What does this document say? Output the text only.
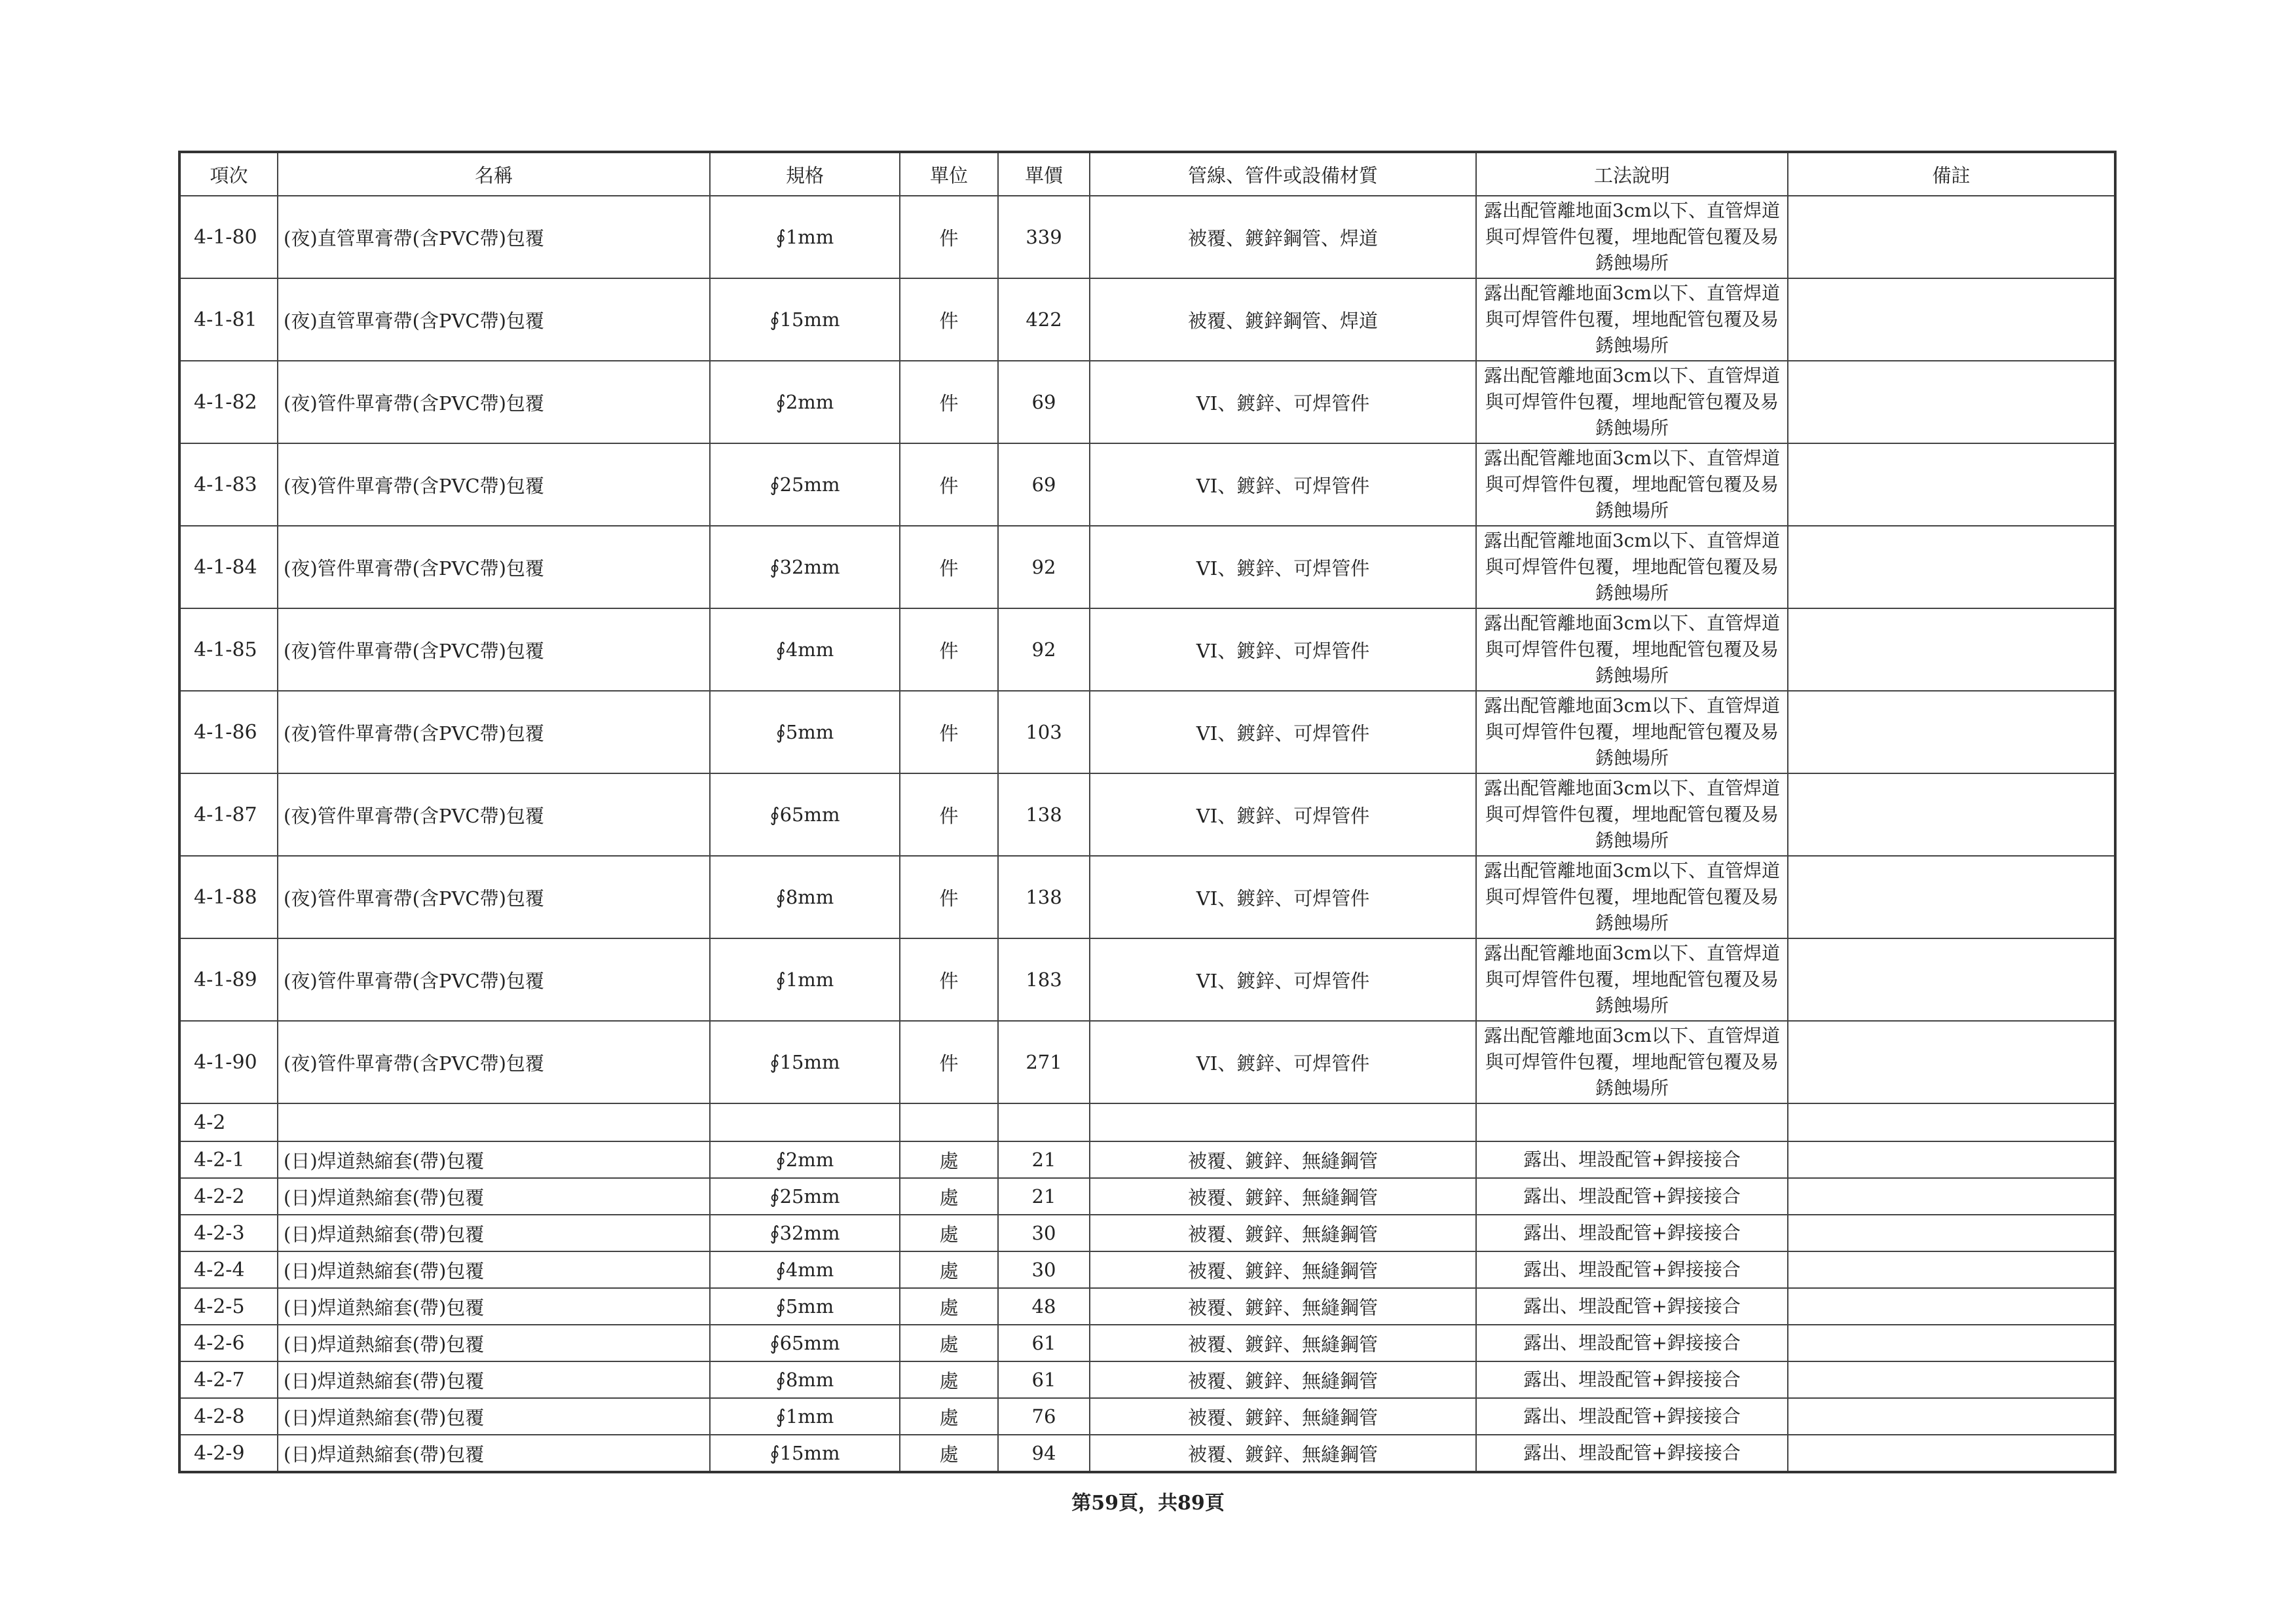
項次	名稱	規格	單位	單價	管線、管件或設備材質	工法說明	備註
4-1-80	(夜)直管單膏帶(含PVC帶)包覆	∮1mm	件	339	被覆、鍍鋅鋼管、焊道	露出配管離地面3cm以下、直管焊道與可焊管件包覆，埋地配管包覆及易銹蝕場所	
4-1-81	(夜)直管單膏帶(含PVC帶)包覆	∮15mm	件	422	被覆、鍍鋅鋼管、焊道	露出配管離地面3cm以下、直管焊道與可焊管件包覆，埋地配管包覆及易銹蝕場所	
4-1-82	(夜)管件單膏帶(含PVC帶)包覆	∮2mm	件	69	VI、鍍鋅、可焊管件	露出配管離地面3cm以下、直管焊道與可焊管件包覆，埋地配管包覆及易銹蝕場所	
4-1-83	(夜)管件單膏帶(含PVC帶)包覆	∮25mm	件	69	VI、鍍鋅、可焊管件	露出配管離地面3cm以下、直管焊道與可焊管件包覆，埋地配管包覆及易銹蝕場所	
4-1-84	(夜)管件單膏帶(含PVC帶)包覆	∮32mm	件	92	VI、鍍鋅、可焊管件	露出配管離地面3cm以下、直管焊道與可焊管件包覆，埋地配管包覆及易銹蝕場所	
4-1-85	(夜)管件單膏帶(含PVC帶)包覆	∮4mm	件	92	VI、鍍鋅、可焊管件	露出配管離地面3cm以下、直管焊道與可焊管件包覆，埋地配管包覆及易銹蝕場所	
4-1-86	(夜)管件單膏帶(含PVC帶)包覆	∮5mm	件	103	VI、鍍鋅、可焊管件	露出配管離地面3cm以下、直管焊道與可焊管件包覆，埋地配管包覆及易銹蝕場所	
4-1-87	(夜)管件單膏帶(含PVC帶)包覆	∮65mm	件	138	VI、鍍鋅、可焊管件	露出配管離地面3cm以下、直管焊道與可焊管件包覆，埋地配管包覆及易銹蝕場所	
4-1-88	(夜)管件單膏帶(含PVC帶)包覆	∮8mm	件	138	VI、鍍鋅、可焊管件	露出配管離地面3cm以下、直管焊道與可焊管件包覆，埋地配管包覆及易銹蝕場所	
4-1-89	(夜)管件單膏帶(含PVC帶)包覆	∮1mm	件	183	VI、鍍鋅、可焊管件	露出配管離地面3cm以下、直管焊道與可焊管件包覆，埋地配管包覆及易銹蝕場所	
4-1-90	(夜)管件單膏帶(含PVC帶)包覆	∮15mm	件	271	VI、鍍鋅、可焊管件	露出配管離地面3cm以下、直管焊道與可焊管件包覆，埋地配管包覆及易銹蝕場所	
4-2							
4-2-1	(日)焊道熱縮套(帶)包覆	∮2mm	處	21	被覆、鍍鋅、無縫鋼管	露出、埋設配管+銲接接合	
4-2-2	(日)焊道熱縮套(帶)包覆	∮25mm	處	21	被覆、鍍鋅、無縫鋼管	露出、埋設配管+銲接接合	
4-2-3	(日)焊道熱縮套(帶)包覆	∮32mm	處	30	被覆、鍍鋅、無縫鋼管	露出、埋設配管+銲接接合	
4-2-4	(日)焊道熱縮套(帶)包覆	∮4mm	處	30	被覆、鍍鋅、無縫鋼管	露出、埋設配管+銲接接合	
4-2-5	(日)焊道熱縮套(帶)包覆	∮5mm	處	48	被覆、鍍鋅、無縫鋼管	露出、埋設配管+銲接接合	
4-2-6	(日)焊道熱縮套(帶)包覆	∮65mm	處	61	被覆、鍍鋅、無縫鋼管	露出、埋設配管+銲接接合	
4-2-7	(日)焊道熱縮套(帶)包覆	∮8mm	處	61	被覆、鍍鋅、無縫鋼管	露出、埋設配管+銲接接合	
4-2-8	(日)焊道熱縮套(帶)包覆	∮1mm	處	76	被覆、鍍鋅、無縫鋼管	露出、埋設配管+銲接接合	
4-2-9	(日)焊道熱縮套(帶)包覆	∮15mm	處	94	被覆、鍍鋅、無縫鋼管	露出、埋設配管+銲接接合	
第59頁，共89頁
